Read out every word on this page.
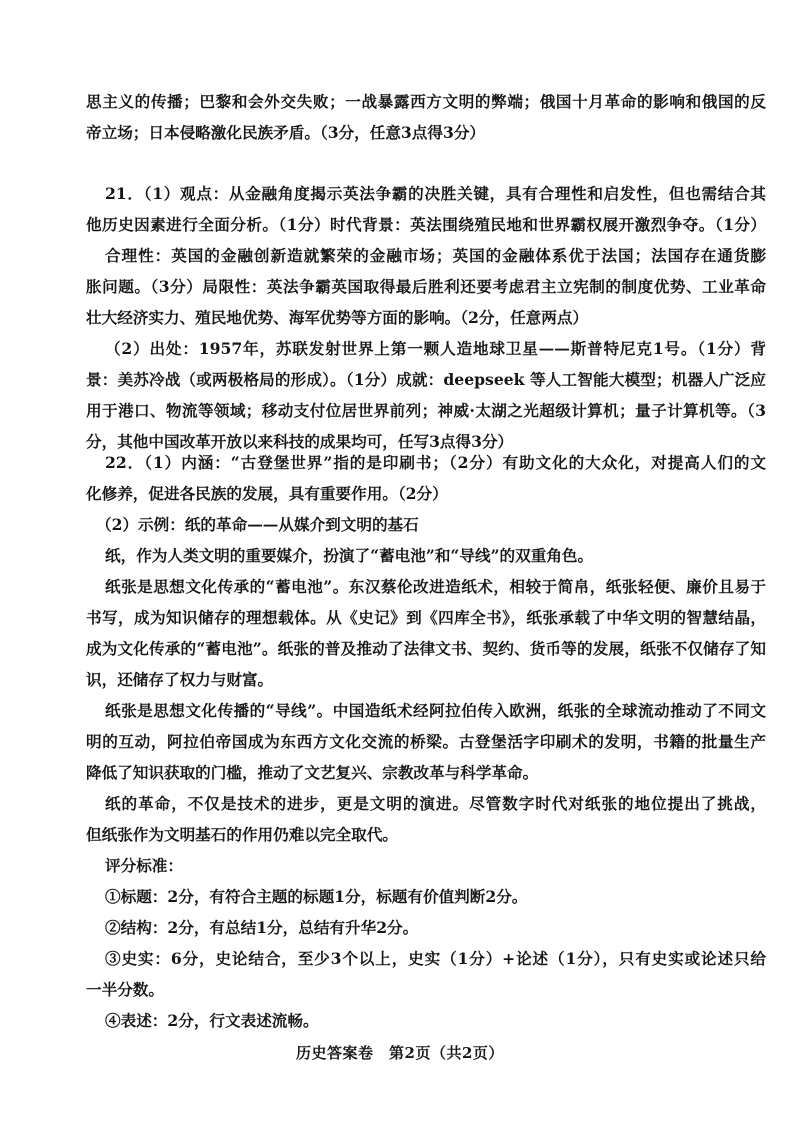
思主义的传播；巴黎和会外交失败；一战暴露西方文明的弊端；俄国十月革命的影响和俄国的反
帝立场；日本侵略激化民族矛盾。（3分，任意3点得3分）
21．（1）观点：从金融角度揭示英法争霸的决胜关键，具有合理性和启发性，但也需结合其
他历史因素进行全面分析。（1分）时代背景：英法围绕殖民地和世界霸权展开激烈争夺。（1分）
合理性：英国的金融创新造就繁荣的金融市场；英国的金融体系优于法国；法国存在通货膨
胀问题。（3分）局限性：英法争霸英国取得最后胜利还要考虑君主立宪制的制度优势、工业革命
壮大经济实力、殖民地优势、海军优势等方面的影响。（2分，任意两点）
（2）出处：1957年，苏联发射世界上第一颗人造地球卫星——斯普特尼克1号。（1分）背
景：美苏冷战（或两极格局的形成）。（1分）成就：deepseek 等人工智能大模型；机器人广泛应
用于港口、物流等领域；移动支付位居世界前列；神威·太湖之光超级计算机；量子计算机等。（3
分，其他中国改革开放以来科技的成果均可，任写3点得3分）
22．（1）内涵：“古登堡世界”指的是印刷书；（2分）有助文化的大众化，对提高人们的文
化修养，促进各民族的发展，具有重要作用。（2分）
（2）示例：纸的革命——从媒介到文明的基石
纸，作为人类文明的重要媒介，扮演了“蓄电池”和“导线”的双重角色。
纸张是思想文化传承的“蓄电池”。东汉蔡伦改进造纸术，相较于简帛，纸张轻便、廉价且易于
书写，成为知识储存的理想载体。从《史记》到《四库全书》，纸张承载了中华文明的智慧结晶，
成为文化传承的“蓄电池”。纸张的普及推动了法律文书、契约、货币等的发展，纸张不仅储存了知
识，还储存了权力与财富。
纸张是思想文化传播的“导线”。中国造纸术经阿拉伯传入欧洲，纸张的全球流动推动了不同文
明的互动，阿拉伯帝国成为东西方文化交流的桥梁。古登堡活字印刷术的发明，书籍的批量生产
降低了知识获取的门槛，推动了文艺复兴、宗教改革与科学革命。
纸的革命，不仅是技术的进步，更是文明的演进。尽管数字时代对纸张的地位提出了挑战，
但纸张作为文明基石的作用仍难以完全取代。
评分标准：
①标题：2分，有符合主题的标题1分，标题有价值判断2分。
②结构：2分，有总结1分，总结有升华2分。
③史实：6分，史论结合，至少3个以上，史实（1分）+论述（1分），只有史实或论述只给
一半分数。
④表述：2分，行文表述流畅。
历史答案卷　第2页（共2页）
